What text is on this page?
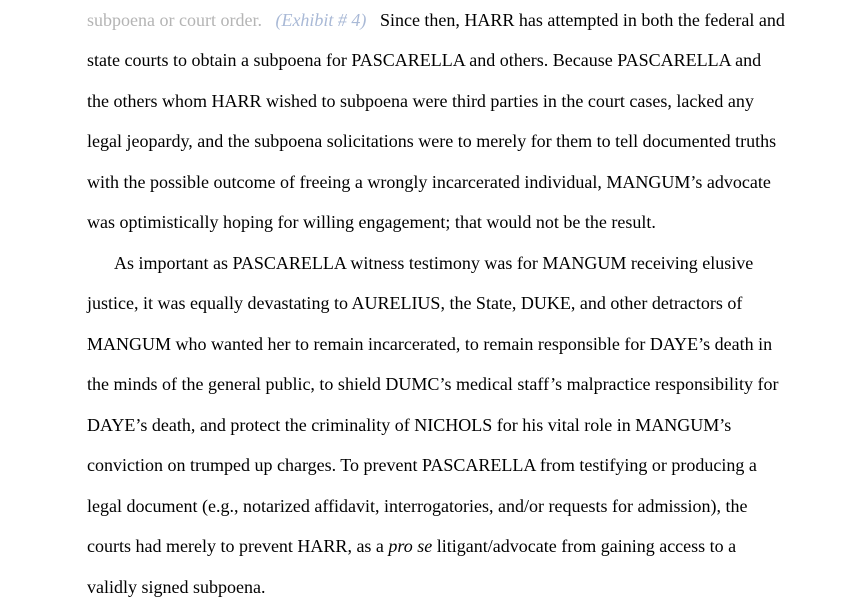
subpoena or court order. (Exhibit # 4) Since then, HARR has attempted in both the federal and
state courts to obtain a subpoena for PASCARELLA and others. Because PASCARELLA and
the others whom HARR wished to subpoena were third parties in the court cases, lacked any
legal jeopardy, and the subpoena solicitations were to merely for them to tell documented truths
with the possible outcome of freeing a wrongly incarcerated individual, MANGUM’s advocate
was optimistically hoping for willing engagement; that would not be the result.
As important as PASCARELLA witness testimony was for MANGUM receiving elusive
justice, it was equally devastating to AURELIUS, the State, DUKE, and other detractors of
MANGUM who wanted her to remain incarcerated, to remain responsible for DAYE’s death in
the minds of the general public, to shield DUMC’s medical staff’s malpractice responsibility for
DAYE’s death, and protect the criminality of NICHOLS for his vital role in MANGUM’s
conviction on trumped up charges. To prevent PASCARELLA from testifying or producing a
legal document (e.g., notarized affidavit, interrogatories, and/or requests for admission), the
courts had merely to prevent HARR, as a pro se litigant/advocate from gaining access to a
validly signed subpoena.
